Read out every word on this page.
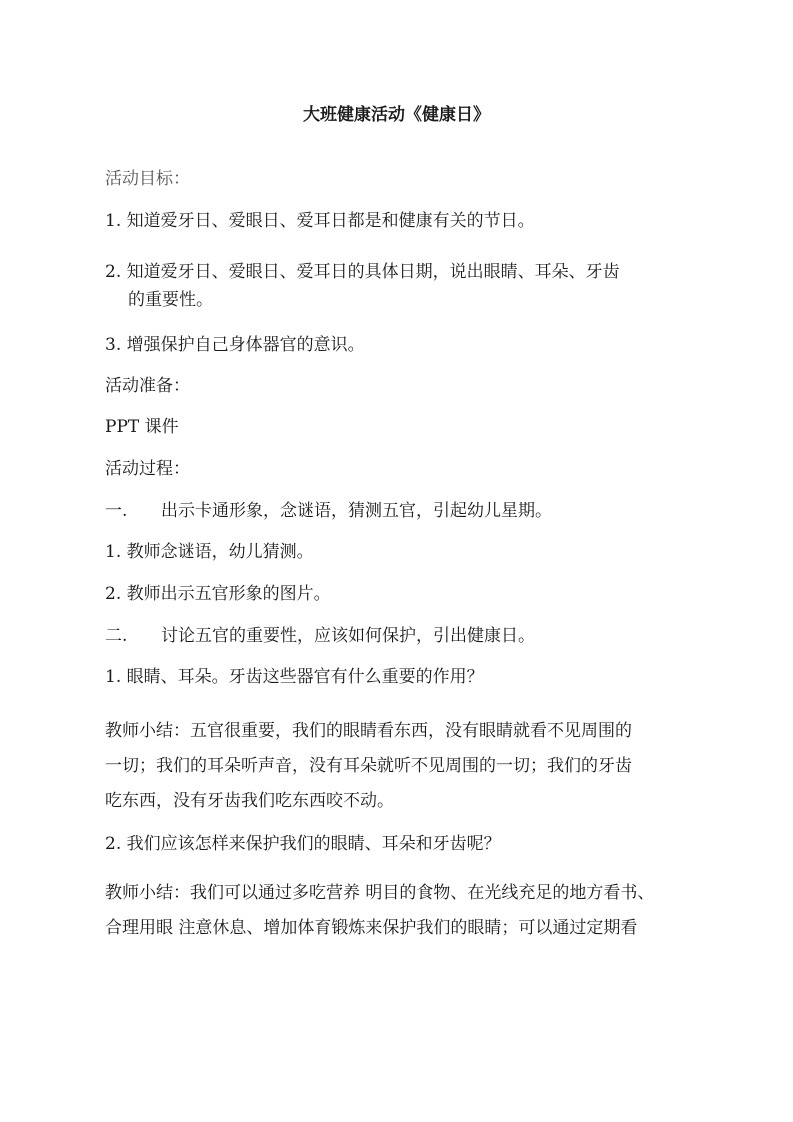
大班健康活动《健康日》

活动目标：

1. 知道爱牙日、爱眼日、爱耳日都是和健康有关的节日。

2. 知道爱牙日、爱眼日、爱耳日的具体日期，说出眼睛、耳朵、牙齿

的重要性。

3. 增强保护自己身体器官的意识。

活动准备：

PPT 课件

活动过程：

一. 出示卡通形象，念谜语，猜测五官，引起幼儿星期。

1. 教师念谜语，幼儿猜测。

2. 教师出示五官形象的图片。

二. 讨论五官的重要性，应该如何保护，引出健康日。

1. 眼睛、耳朵。牙齿这些器官有什么重要的作用？

教师小结：五官很重要，我们的眼睛看东西，没有眼睛就看不见周围的
一切；我们的耳朵听声音，没有耳朵就听不见周围的一切；我们的牙齿
吃东西，没有牙齿我们吃东西咬不动。

2. 我们应该怎样来保护我们的眼睛、耳朵和牙齿呢？

教师小结：我们可以通过多吃营养 明目的食物、在光线充足的地方看书、
合理用眼 注意休息、增加体育锻炼来保护我们的眼睛；可以通过定期看
